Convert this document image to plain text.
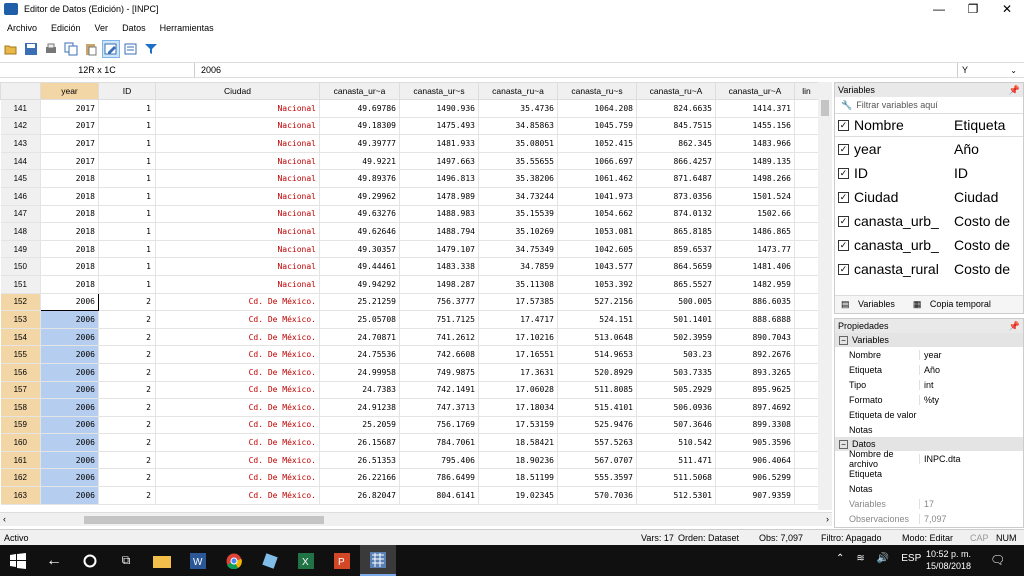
Editor de Datos (Edición) - [INPC]	—	❐	✕
Archivo	Edición	Ver	Datos	Herramientas
12R x 1C	2006	Y	⌄
	year	ID	Ciudad	canasta_ur~a	canasta_ur~s	canasta_ru~a	canasta_ru~s	canasta_ru~A	canasta_ur~A	lin
141	2017	1	Nacional	49.69786	1490.936	35.4736	1064.208	824.6635	1414.371	
142	2017	1	Nacional	49.18309	1475.493	34.85863	1045.759	845.7515	1455.156	
143	2017	1	Nacional	49.39777	1481.933	35.08051	1052.415	862.345	1483.966	
144	2017	1	Nacional	49.9221	1497.663	35.55655	1066.697	866.4257	1489.135	
145	2018	1	Nacional	49.89376	1496.813	35.38206	1061.462	871.6487	1498.266	
146	2018	1	Nacional	49.29962	1478.989	34.73244	1041.973	873.0356	1501.524	
147	2018	1	Nacional	49.63276	1488.983	35.15539	1054.662	874.0132	1502.66	
148	2018	1	Nacional	49.62646	1488.794	35.10269	1053.081	865.8185	1486.865	
149	2018	1	Nacional	49.30357	1479.107	34.75349	1042.605	859.6537	1473.77	
150	2018	1	Nacional	49.44461	1483.338	34.7859	1043.577	864.5659	1481.406	
151	2018	1	Nacional	49.94292	1498.287	35.11308	1053.392	865.5527	1482.959	
152	2006	2	Cd. De México.	25.21259	756.3777	17.57385	527.2156	500.005	886.6035	
153	2006	2	Cd. De México.	25.05708	751.7125	17.4717	524.151	501.1401	888.6888	
154	2006	2	Cd. De México.	24.70871	741.2612	17.10216	513.0648	502.3959	890.7043	
155	2006	2	Cd. De México.	24.75536	742.6608	17.16551	514.9653	503.23	892.2676	
156	2006	2	Cd. De México.	24.99958	749.9875	17.3631	520.8929	503.7335	893.3265	
157	2006	2	Cd. De México.	24.7383	742.1491	17.06028	511.8085	505.2929	895.9625	
158	2006	2	Cd. De México.	24.91238	747.3713	17.18034	515.4101	506.0936	897.4692	
159	2006	2	Cd. De México.	25.2059	756.1769	17.53159	525.9476	507.3646	899.3308	
160	2006	2	Cd. De México.	26.15687	784.7061	18.58421	557.5263	510.542	905.3596	
161	2006	2	Cd. De México.	26.51353	795.406	18.90236	567.0707	511.471	906.4064	
162	2006	2	Cd. De México.	26.22166	786.6499	18.51199	555.3597	511.5068	906.5299	
163	2006	2	Cd. De México.	26.82047	804.6141	19.02345	570.7036	512.5301	907.9359	
‹	›
Variables	📌
🔧 Filtrar variables aquí
✓ Nombre	Etiqueta
✓ year	Año
✓ ID	ID
✓ Ciudad	Ciudad
✓ canasta_urb_	Costo de
✓ canasta_urb_	Costo de
✓ canasta_rural	Costo de
▤ Variables	▦ Copia temporal
Propiedades	📌
− Variables
Nombre	year
Etiqueta	Año
Tipo	int
Formato	%ty
Etiqueta de valor
Notas
− Datos
Nombre de archivo	INPC.dta
Etiqueta
Notas
Variables	17
Observaciones	7,097
Activo	Vars: 17 Orden: Dataset Obs: 7,097 Filtro: Apagado Modo: Editar CAP NUM
←	⧉	W	X	P	⌃ ≋ 🔊 ESP 10:52 p. m.
15/08/2018 🗨
